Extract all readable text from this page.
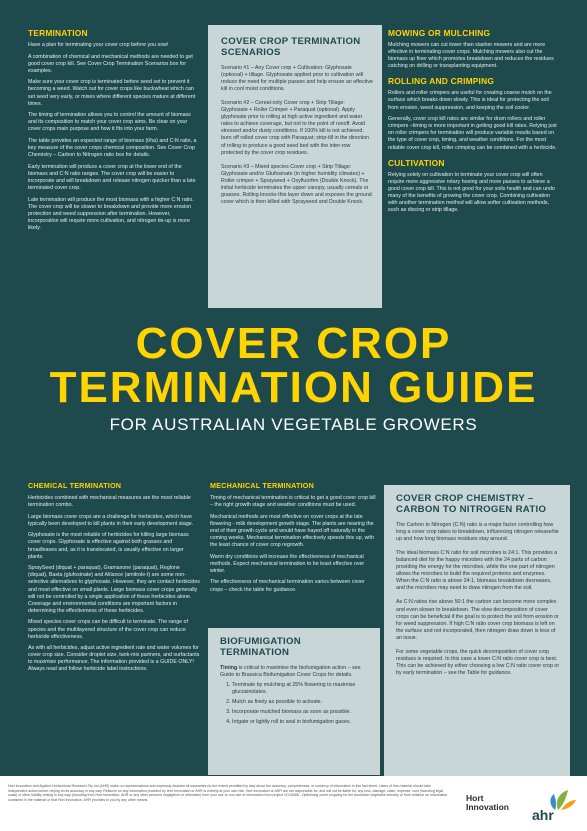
TERMINATION

Have a plan for terminating your cover crop before you sow!

A combination of chemical and mechanical methods are needed to get good cover crop kill. See Cover Crop Termination Scenarios box for examples.

Make sure your cover crop is terminated before seed set to prevent it becoming a weed. Watch out for cover crops like buckwheat which can set seed very early, or mixes where different species mature at different times.

The timing of termination allows you to control the amount of biomass and its composition to match your cover crop aims. Be clear on your cover crops main purpose and how it fits into your farm.

The table provides an expected range of biomass (t/ha) and C:N ratio, a key measure of the cover crops chemical composition. See Cover Crop Chemistry – Carbon to Nitrogen ratio box for details.

Early termination will produce a cover crop at the lower end of the biomass and C:N ratio ranges. The cover crop will be easier to incorporate and will breakdown and release nitrogen quicker than a late terminated cover crop.

Late termination will produce the most biomass with a higher C:N ratio. The cover crop will be slower to breakdown and provide more erosion protection and weed suppression after termination. However, incorporation will require more cultivation, and nitrogen tie-up is more likely.

COVER CROP TERMINATION SCENARIOS

Scenario #1 – Any Cover crop + Cultivation: Glyphosate (optional) + tillage. Glyphosate applied prior to cultivation will reduce the need for multiple passes and help ensure an effective kill in cool moist conditions.

Scenario #2 – Cereal-only Cover crop + Strip Tillage: Glyphosate + Roller Crimper + Paraquat (optional). Apply glyphosate prior to rolling at high active ingredient and water rates to achieve coverage, but not to the point of runoff. Avoid stressed and/or dusty conditions. If 100% kill is not achieved, burn off rolled cover crop with Paraquat; strip-till in the direction of rolling to produce a good seed bed with the inter-row protected by the cover crop residues.

Scenario #3 – Mixed species Cover crop + Strip Tillage: Glyphosate and/or Glufosinate (in higher humidity climates) + Roller crimper + Sprayseed + Oxyfluorfen (Double Knock). The initial herbicide terminates the upper canopy, usually cereals or grasses. Rolling knocks this layer down and exposes the ground cover which is then killed with Sprayseed and Double Knock.

MOWING OR MULCHING

Mulching mowers can cut lower than slasher mowers and are more effective in terminating cover crops. Mulching mowers also cut the biomass up finer which promotes breakdown and reduces the residues catching on drilling or transplanting equipment.

ROLLING AND CRIMPING

Rollers and roller crimpers are useful for creating coarse mulch on the surface which breaks down slowly. This is ideal for protecting the soil from erosion, weed suppression, and keeping the soil cooler.

Generally, cover crop kill rates are similar for drum rollers and roller crimpers –timing is more important in getting good kill rates. Relying just on roller crimpers for termination will produce variable results based on the type of cover crop, timing, and weather conditions. For the most reliable cover crop kill, roller crimping can be combined with a herbicide.

CULTIVATION

Relying solely on cultivation to terminate your cover crop will often require more aggressive rotary hoeing and more passes to achieve a good cover crop kill. This is not good for your soils health and can undo many of the benefits of growing the cover crop. Combining cultivation with another termination method will allow softer cultivation methods, such as discing or strip tillage.

COVER CROP
TERMINATION GUIDE
FOR AUSTRALIAN VEGETABLE GROWERS
CHEMICAL TERMINATION

Herbicides combined with mechanical measures are the most reliable termination combo.

Large biomass cover crops are a challenge for herbicides, which have typically been developed to kill plants in their early development stage.

Glyphosate is the most reliable of herbicides for killing large biomass cover crops. Glyphosate is effective against both grasses and broadleaves and, as it is translocated, is usually effective on larger plants.

SpraySeed (diquat + paraquat), Gramaxone (paraquat), Reglone (diquat), Basta (glufosinate) and Alliance (amitrole-t) are some non-selective alternatives to glyphosate. However, they are contact herbicides and most effective on small plants. Large biomass cover crops generally will not be controlled by a single application of these herbicides alone. Coverage and environmental conditions are important factors in determining the effectiveness of these herbicides.

Mixed species cover crops can be difficult to terminate. The range of species and the multilayered structure of the cover crop can reduce herbicide effectiveness.

As with all herbicides, adjust active ingredient rate and water volumes for cover crop size. Consider droplet size, tank-mix partners, and surfactants to maximise performance. The information provided is a GUIDE ONLY! Always read and follow herbicide label instructions.

MECHANICAL TERMINATION

Timing of mechanical termination is critical to get a good cover crop kill – the right growth stage and weather conditions must be used.

Mechanical methods are most effective on cover crops at the late flowering - milk development growth stage. The plants are nearing the end of their growth cycle and would have hayed off naturally in the coming weeks. Mechanical termination effectively speeds this up, with the least chance of cover crop regrowth.

Warm dry conditions will increase the effectiveness of mechanical methods. Expect mechanical termination to be least effective over winter.

The effectiveness of mechanical termination varies between cover crops – check the table for guidance.

BIOFUMIGATION TERMINATION

Timing is critical to maximise the biofumigation action – see Guide to Brassica Biofumigation Cover Crops for details.

1. Terminate by mulching at 25% flowering to maximise glucosinolates.
2. Mulch as finely as possible to activate.
3. Incorporate mulched biomass as soon as possible.
4. Irrigate or lightly roll to seal in biofumigation gases.
COVER CROP CHEMISTRY – CARBON TO NITROGEN RATIO

The Carbon to Nitrogen (C:N) ratio is a major factor controlling how long a cover crop takes to breakdown, influencing nitrogen release/tie up and how long biomass residues stay around.

The ideal biomass C:N ratio for soil microbes is 24:1. This provides a balanced diet for the happy microbes with the 24 parts of carbon providing the energy for the microbes, while the one part of nitrogen allows the microbes to build the required proteins and enzymes. When the C:N ratio is above 24:1, biomass breakdown decreases, and the microbes may need to draw nitrogen from the soil.

As C:N ratios rise above 50:1 the carbon can become more complex and even slower to breakdown. The slow decomposition of cover crops can be beneficial if the goal is to protect the soil from erosion or for weed suppression. If high C:N ratio cover crop biomass is left on the surface and not incorporated, then nitrogen draw down is less of an issue.

For some vegetable crops, the quick decomposition of cover crop residues is required. In this case a lower C:N ratio cover crop is best. This can be achieved by either choosing a low C:N ratio cover crop or by early termination – see the Table for guidance.

Hort Innovation and Applied Horticultural Research Pty Ltd (AHR) make no representations and expressly disclaim all warranties (to the extent permitted by law) about the accuracy, completeness, or currency of information in this fact sheet. Users of this material should take independent action before relying on its accuracy in any way. Reliance on any information provided by Hort Innovation or AHR is entirely at your own risk. Hort Innovation or AHR are not responsible for, and will not be liable for, any loss, damage, claim, expense, cost (including legal costs) or other liability arising in any way (including from Hort Innovation, AHR or any other person's negligence or otherwise) from your use or non-use of information from project VG16068 - Optimising cover cropping for the Australian vegetable industry or from reliance on information contained in the material or that Hort Innovation, AHR provides to you by any other means.	Hort
Innovation ahr
